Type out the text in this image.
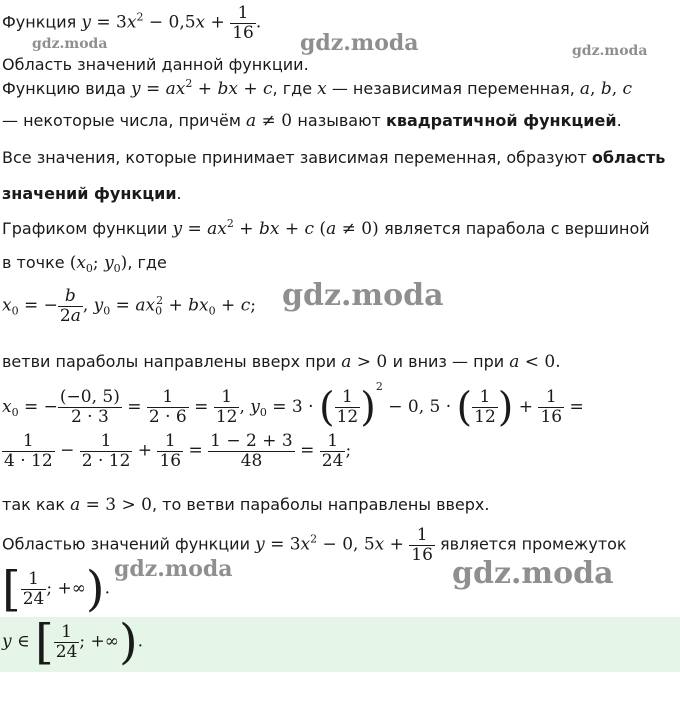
gdz.moda	gdz.moda	gdz.moda
gdz.moda
gdz.moda	gdz.moda
Функция $y = 3x^2 - 0,5x + \frac{1}{16}$ .
Область значений данной функции.
Функцию вида $y = ax^2$ + bx + c, где x — независимая переменная, a, b, c
— некоторые числа, причём a ≠ 0 называют квадратичной функцией.
Все значения, которые принимает зависимая переменная, образуют область
значений функции.
Графиком функции $y = ax^2$ + bx + c (a ≠ 0) является парабола с вершиной
в точке ($x_0$; $y_0$), где
$x_0$ = − $\frac{b}{2a}$ , $y_0 = ax_0^2 + bx_0 + c$;
ветви параболы направлены вверх при a > 0 и вниз — при a < 0.
$x_0$ = − $\frac{(-0, 5)}{2 \cdot 3} = \frac{1}{2 \cdot 6} = \frac{1}{12}$ , $y_0 = 3$ · ( $\frac{1}{12} )^2 - 0$, 5 · ( $\frac{1}{12}$ ) + $\frac{1}{16}$ =
$\frac{1}{4 \cdot 12} - \frac{1}{2 \cdot 12} + \frac{1}{16} = \frac{1 - 2 + 3}{48} = \frac{1}{24}$ ;
так как a = 3 > 0, то ветви параболы направлены вверх.
Областью значений функции $y = 3x^2 - 0$, $5x + \frac{1}{16}$ является промежуток
[ $\frac{1}{24}$ ; +∞).
y ∈ [ $\frac{1}{24}$ ; +∞).
